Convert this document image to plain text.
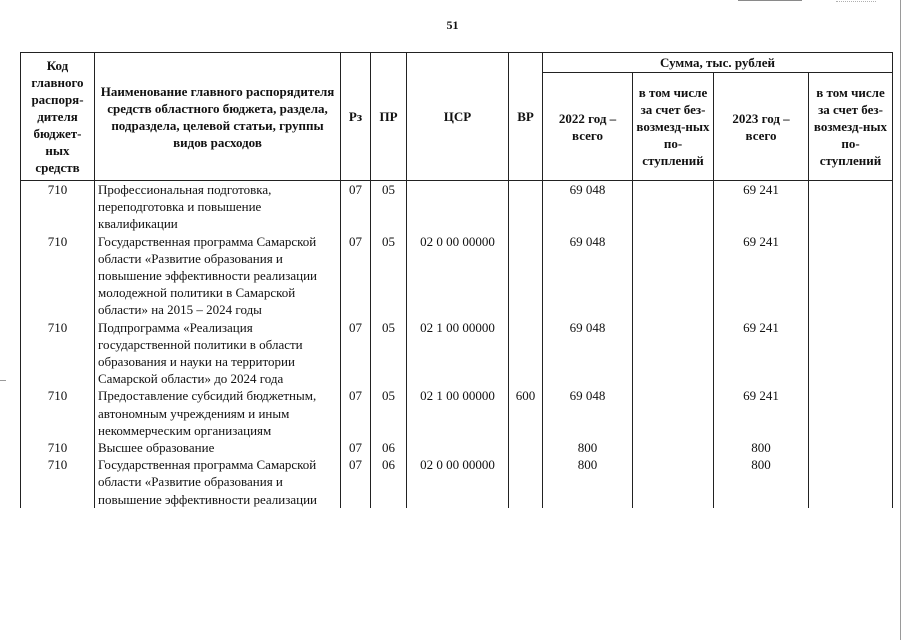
51
Код главного распоря-дителя бюджет-ных средств	Наименование главного распорядителя средств областного бюджета, раздела, подраздела, целевой статьи, группы видов расходов	Рз	ПР	ЦСР	ВР	Сумма, тыс. рублей			
						2022 год – всего	в том числе за счет без-возмезд-ных по-ступлений	2023 год – всего	в том числе за счет без-возмезд-ных по-ступлений
710	Профессиональная подготовка, переподготовка и повышение квалификации	07	05			69 048		69 241	
710	Государственная программа Самарской области «Развитие образования и повышение эффективности реализации молодежной политики в Самарской области» на 2015 – 2024 годы	07	05	02 0 00 00000		69 048		69 241	
710	Подпрограмма «Реализация государственной политики в области образования и науки на территории Самарской области» до 2024 года	07	05	02 1 00 00000		69 048		69 241	
710	Предоставление субсидий бюджетным, автономным учреждениям и иным некоммерческим организациям	07	05	02 1 00 00000	600	69 048		69 241	
710	Высшее образование	07	06			800		800	
710	Государственная программа Самарской области «Развитие образования и повышение эффективности реализации	07	06	02 0 00 00000		800		800	
